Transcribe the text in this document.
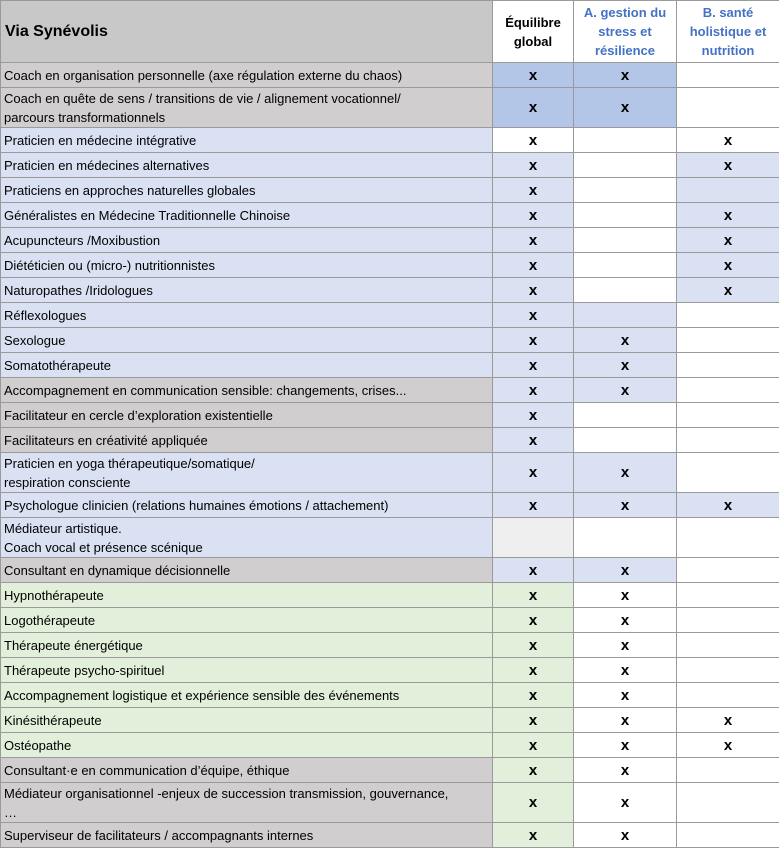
Via Synévolis	Équilibre global	A. gestion du stress et résilience	B. santé holistique et nutrition
Coach en organisation personnelle (axe régulation externe du chaos)	x	x	
Coach en quête de sens / transitions de vie / alignement vocationnel/
parcours transformationnels	x	x	
Praticien en médecine intégrative	x		x
Praticien en médecines alternatives	x		x
Praticiens en approches naturelles globales	x		
Généralistes en Médecine Traditionnelle Chinoise	x		x
Acupuncteurs /Moxibustion	x		x
Diététicien ou (micro-) nutritionnistes	x		x
Naturopathes /Iridologues	x		x
Réflexologues	x		
Sexologue	x	x	
Somatothérapeute	x	x	
Accompagnement en communication sensible: changements, crises...	x	x	
Facilitateur en cercle d’exploration existentielle	x		
Facilitateurs en créativité appliquée	x		
Praticien en yoga thérapeutique/somatique/
respiration consciente	x	x	
Psychologue clinicien (relations humaines émotions / attachement)	x	x	x
Médiateur artistique.
Coach vocal et présence scénique			
Consultant en dynamique décisionnelle	x	x	
Hypnothérapeute	x	x	
Logothérapeute	x	x	
Thérapeute énergétique	x	x	
Thérapeute psycho-spirituel	x	x	
Accompagnement logistique et expérience sensible des événements	x	x	
Kinésithérapeute	x	x	x
Ostéopathe	x	x	x
Consultant·e en communication d’équipe, éthique	x	x	
Médiateur organisationnel -enjeux de succession transmission, gouvernance,
…	x	x	
Superviseur de facilitateurs / accompagnants internes	x	x	
